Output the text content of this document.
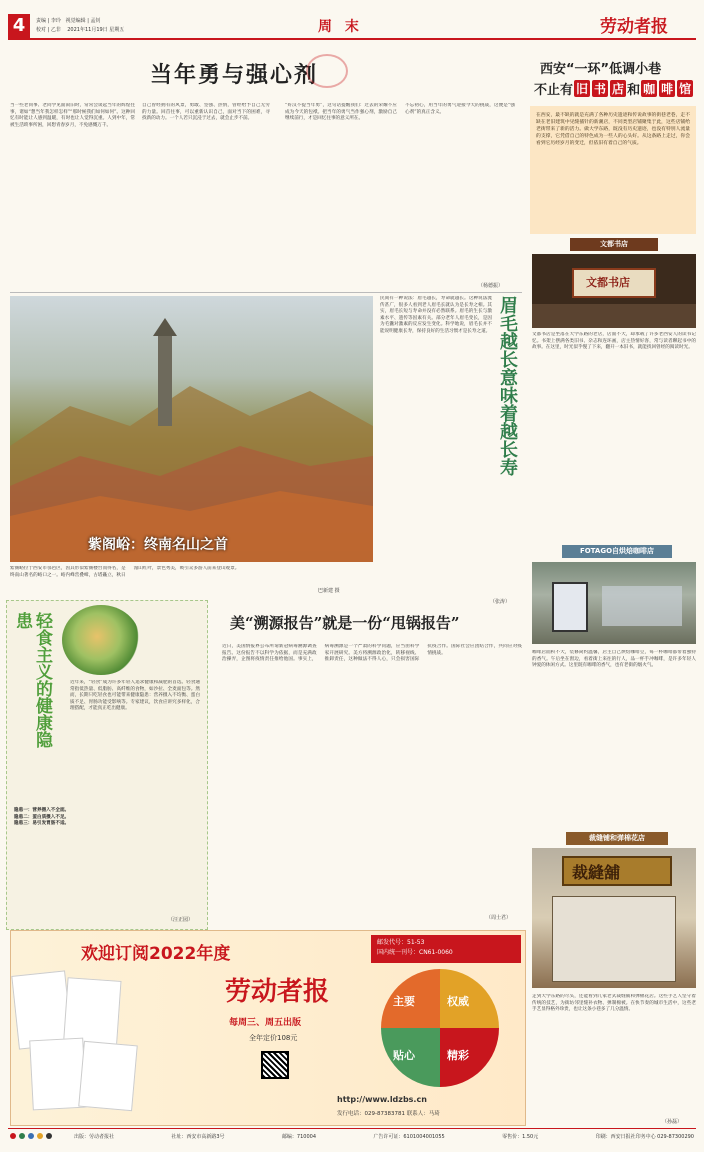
4	责编 | 李玲 视觉编辑 | 孟钊
校对 | 乙非 2021年11月19日 星期五	周 末	劳动者报
当年勇与强心剂
当一些老同事、老同学见面叙旧时，常常会谈起当年的辉煌往事，诸如“想当年我怎样怎样”“那时候我们如何如何”。这种回忆有时能让人感到温暖，有时也让人觉得沉重。人到中年，常被生活琐事所困，回想青春岁月，不免感慨万千。
自己曾经拥有的风景，勇敢、坚强、热情，曾经给予自己无穷的力量。回首往事，可以重新认识自己，面对当下的困难，寻找新的动力。一个人若只沉浸于过去，就会止步不前。
“好汉不提当年勇”，这句话提醒我们：过去的荣耀不应成为今天的包袱。把当年的勇气当作强心剂，激励自己继续前行，才是回忆往事的意义所在。
不忘初心，用当年的勇气迎接今天的挑战，这便是“强心剂”的真正含义。
（杨德振）
西安“一环”低调小巷
不止有 旧 书 店 和 咖 啡 馆
在西安，最不缺的就是充满了各种历史遗迹和传说故事的街巷老巷，走不缺在老旧建筑中见缝插针的新潮店，不同类型店铺聚集于此，这些店铺给老街带来了新的活力。做大学东路，既没有历史遗迹，也没有特别人流量的支撑，它凭借自己的特色成为一些人的心头好。从这条路上走过，你会看到它历经岁月的变迁，但依旧有着自己的气质。
文都书店
文都书店
文都书店是坐落在大学东路的老店，店面不大，却承载了许多老西安人的读书记忆。书架上摆满各类旧书、杂志和连环画，店主热情好客，常与读者聊起书中的故事。在这里，时光似乎慢了下来，翻开一本旧书，就能找回曾经的阅读时光。
FOTAGO自烘焙咖啡店
咖啡店面积不大，装修简约温馨，店主自己烘焙咖啡豆，每一杯咖啡都带着独特的香气。午后坐在窗边，看着街上来往的行人，品一杯手冲咖啡，是许多年轻人钟爱的休闲方式。这里既有咖啡的香气，也有老街的烟火气。
裁缝铺和弹棉花店
裁縫舖
走到大学东路的尽头，还能看到几家老式裁缝铺和弹棉花店。这些手艺人坚守着传统的技艺，为街坊邻里缝补衣物、弹制棉被。在快节奏的城市生活中，这些老手艺显得格外珍贵，也让这条小巷多了几分温情。
（孙磊）
紫阁峪：终南名山之首
紫阁峪位于西安市鄠邑区，因其形似紫阁楼台而得名，是终南山著名的峪口之一。峪内峰峦叠嶂，古塔矗立，秋日漫山红叶，景色秀美，吸引众多游人前来登山观景。
巴新建 摄
民间有一种说法：眉毛越长，寿命就越长。这种说法流传甚广，很多人看到老人眉毛长就认为是长寿之相。其实，眉毛长短与寿命并没有必然联系。眉毛的生长与激素水平、遗传等因素有关。部分老年人眉毛变长，是因为毛囊对激素的反应发生变化。科学地说，眉毛长并不能说明健康长寿，保持良好的生活习惯才是长寿之道。 眉毛越长意味着越长寿
（张涛）
轻食主义的健康隐患
近年来，“轻食”成为许多年轻人追求健康和减肥的首选。轻食通常指低热量、低脂肪、高纤维的食物，如沙拉、全麦面包等。然而，长期只吃轻食也可能带来健康隐患：营养摄入不均衡、蛋白质不足、胃肠功能受影响等。专家建议，饮食应讲究多样化，合理搭配，才能真正吃出健康。
隐患一：营养摄入不全面。
隐患二：蛋白质摄入不足。
隐患三：易引发胃肠不适。
（汪正园）
美“溯源报告”就是一份“甩锅报告”
近日，美国情报界公布所谓新冠病毒溯源调查报告。这份报告不以科学为依据，而是充满政治操弄，企图将疫情责任推给他国。事实上，病毒溯源是一个严肃的科学问题，应当由科学家开展研究。美方将溯源政治化，转移视线、推卸责任，这种做法不得人心，只会损害国际抗疫合作。国际社会应团结合作，共同应对疫情挑战。
（周士君）
欢迎订阅2022年度
劳动者报
每周三、周五出版
全年定价108元
邮发代号：51-53
国内统一刊号：CN61-0060
主要	权威
贴心	精彩
http://www.ldzbs.cn
发行电话：029-87383781 联系人：马琦
出版：劳动者报社	社址：西安市高新路3号	邮编：710004	广告许可证：6101004001055	零售价：1.50元	印刷：西安日报社印务中心 029-87300290
